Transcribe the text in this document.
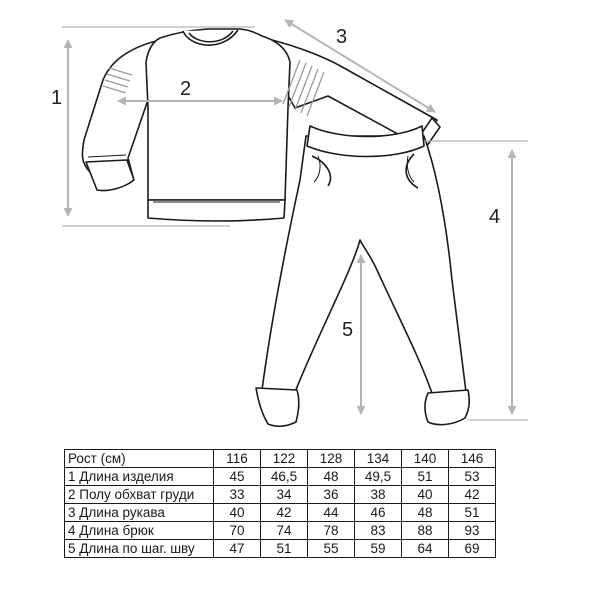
1	2
3
4
5
Рост (см)	116	122	128	134	140	146
1 Длина изделия	45	46,5	48	49,5	51	53
2 Полу обхват груди	33	34	36	38	40	42
3 Длина рукава	40	42	44	46	48	51
4 Длина брюк	70	74	78	83	88	93
5 Длина по шаг. шву	47	51	55	59	64	69
